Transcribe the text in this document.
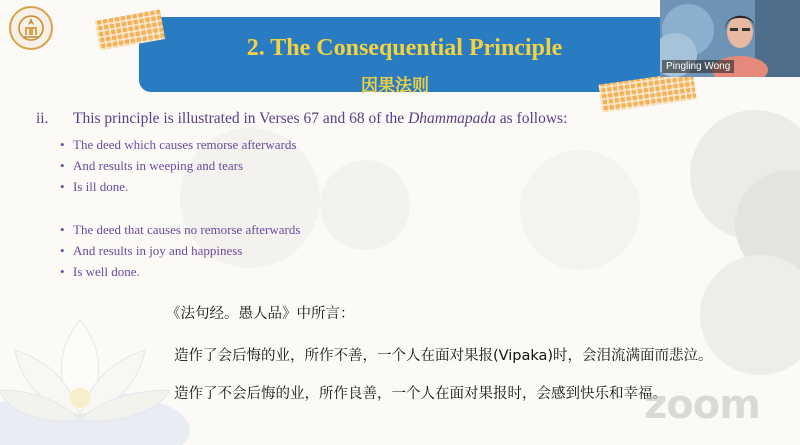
2. The Consequential Principle
因果法则
ii. This principle is illustrated in Verses 67 and 68 of the Dhammapada as follows:
• The deed which causes remorse afterwards
• And results in weeping and tears
• Is ill done.
• The deed that causes no remorse afterwards
• And results in joy and happiness
• Is well done.
《法句经。愚人品》中所言：
造作了会后悔的业，所作不善，一个人在面对果报(Vipaka)时，会泪流满面而悲泣。
造作了不会后悔的业，所作良善，一个人在面对果报时，会感到快乐和幸福。
zoom
Pingling Wong
